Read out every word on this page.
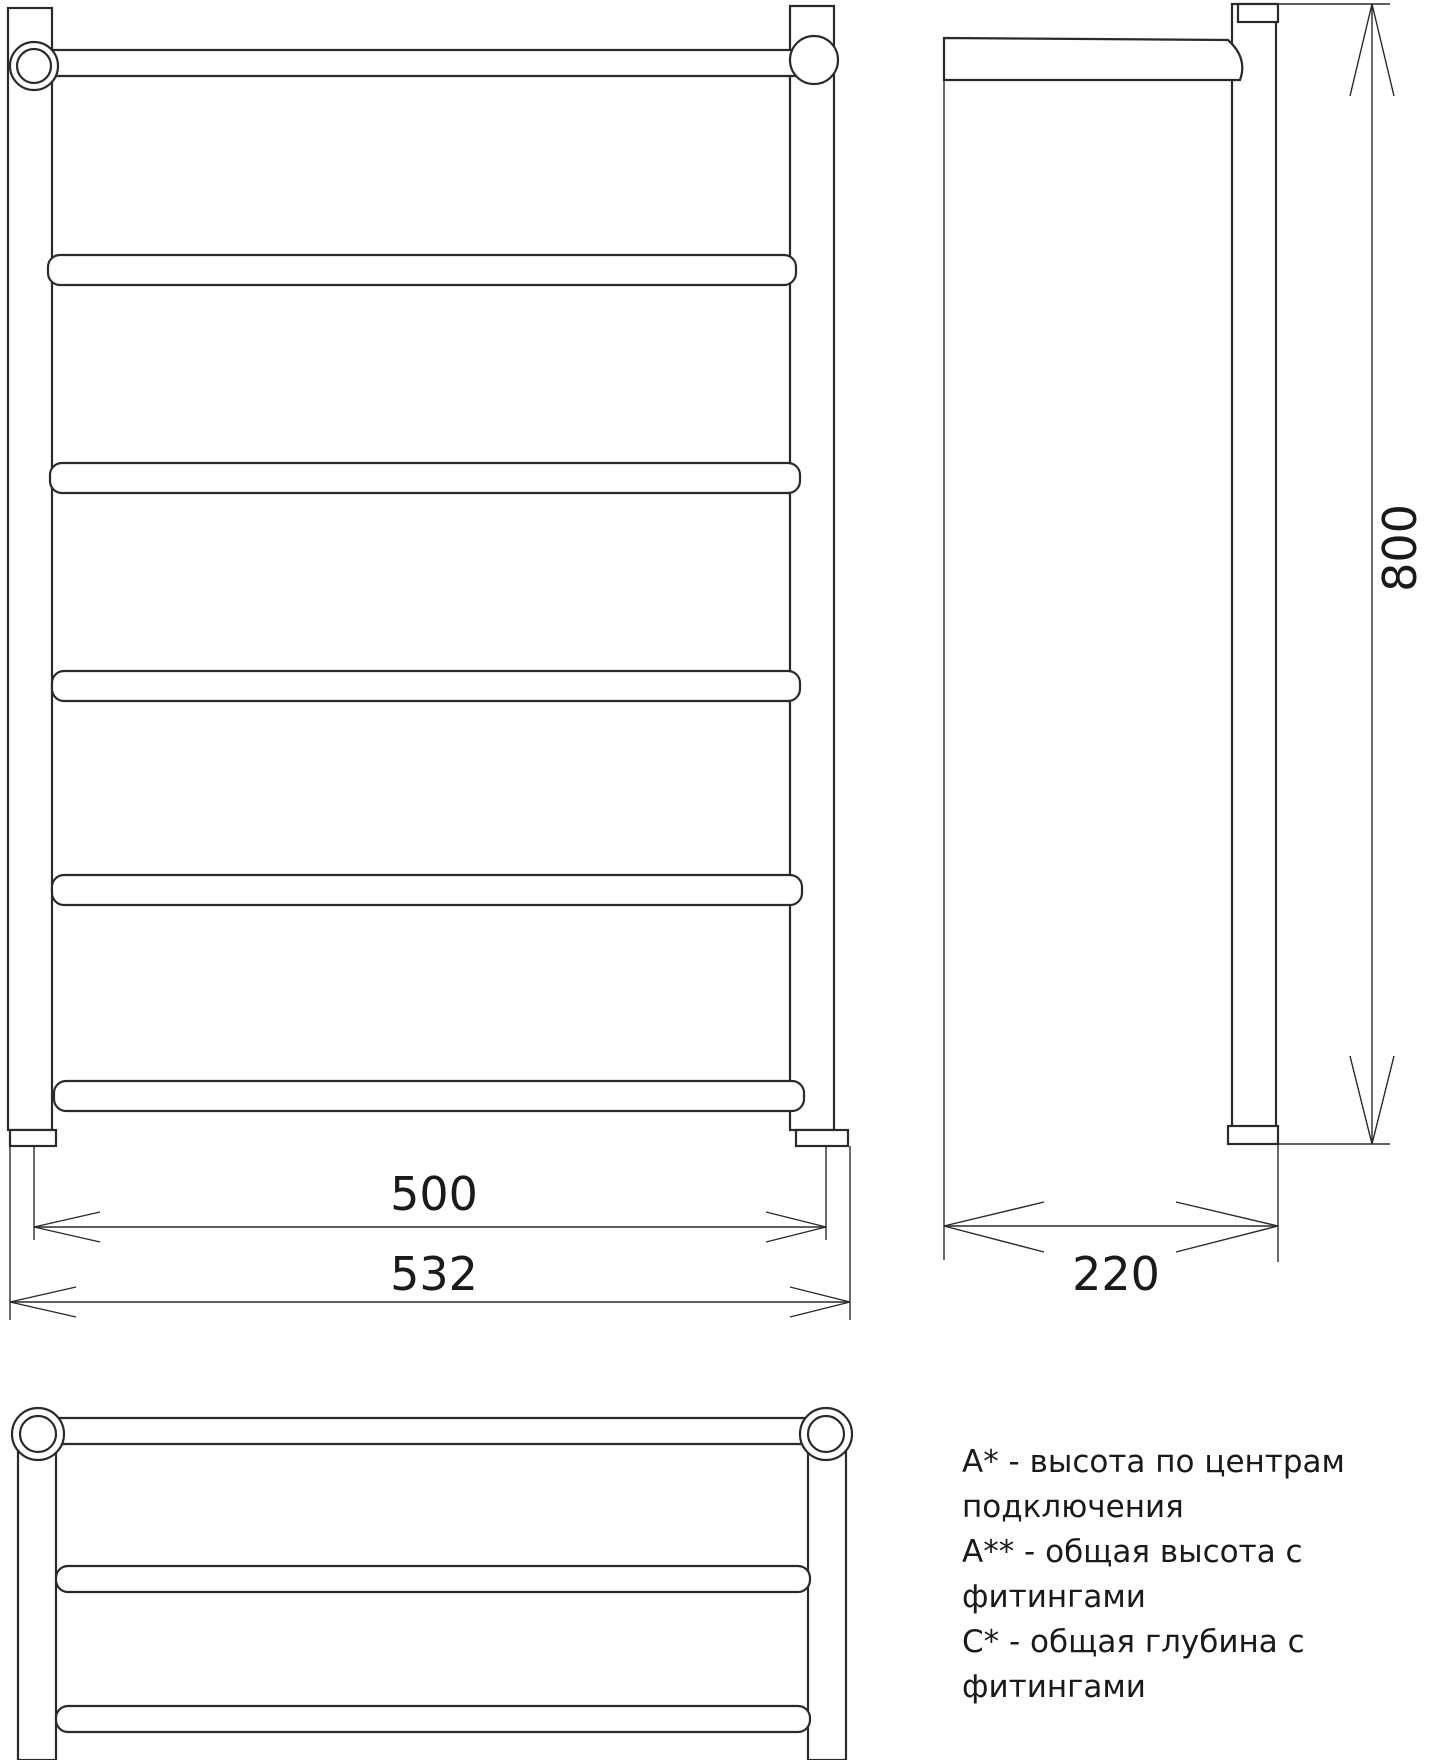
500
532	220
800
A* - высота по центрам подключения
A** - общая высота с фитингами
C* - общая глубина с фитингами
